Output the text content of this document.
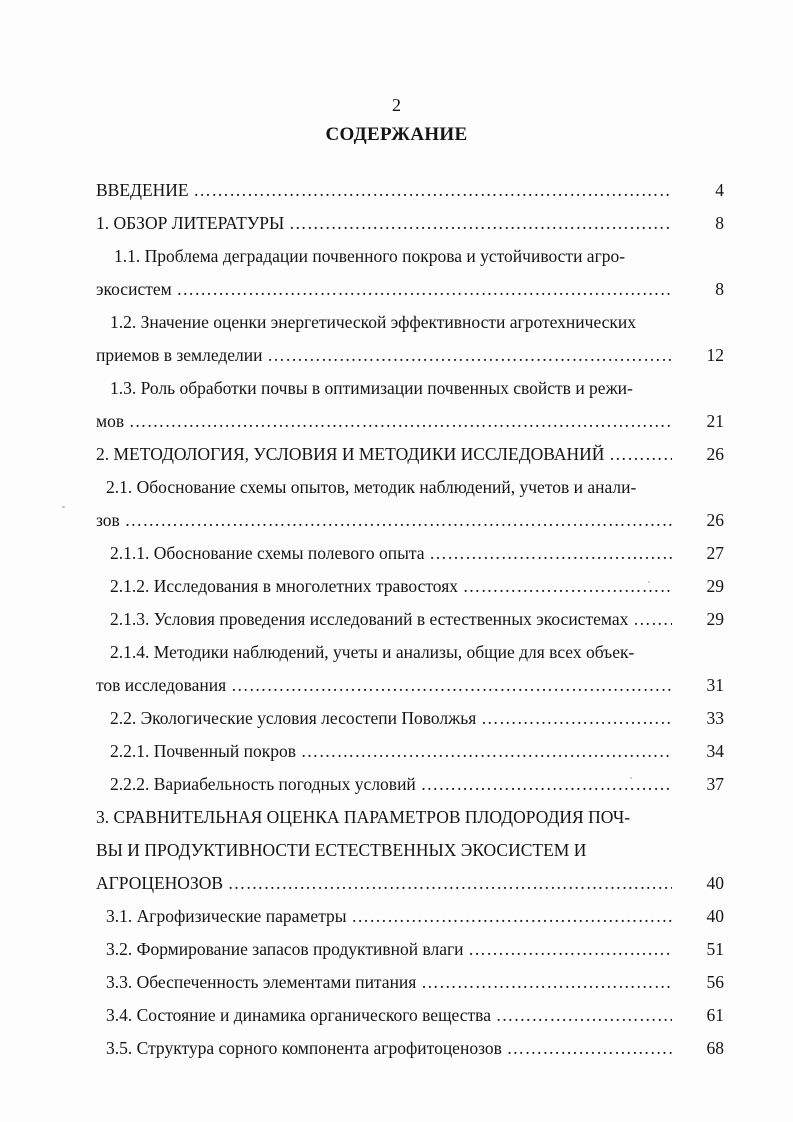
2
СОДЕРЖАНИЕ
ВВЕДЕНИЕ …………………………………………………………………………………………………………………………………………………………………………………………	4
1. ОБЗОР ЛИТЕРАТУРЫ …………………………………………………………………………………………………………………………………………………………………………………………	8
1.1. Проблема деградации почвенного покрова и устойчивости агро-
экосистем …………………………………………………………………………………………………………………………………………………………………………………………	8
1.2. Значение оценки энергетической эффективности агротехнических
приемов в земледелии …………………………………………………………………………………………………………………………………………………………………………………………	12
1.3. Роль обработки почвы в оптимизации почвенных свойств и режи-
мов …………………………………………………………………………………………………………………………………………………………………………………………	21
2. МЕТОДОЛОГИЯ, УСЛОВИЯ И МЕТОДИКИ ИССЛЕДОВАНИЙ …………………………………………………………………………………………………………………………………………………………………………………………	26
2.1. Обоснование схемы опытов, методик наблюдений, учетов и анали-
зов …………………………………………………………………………………………………………………………………………………………………………………………	26
2.1.1. Обоснование схемы полевого опыта …………………………………………………………………………………………………………………………………………………………………………………………	27
2.1.2. Исследования в многолетних травостоях …………………………………………………………………………………………………………………………………………………………………………………………	29
2.1.3. Условия проведения исследований в естественных экосистемах …………………………………………………………………………………………………………………………………………………………………………………………	29
2.1.4. Методики наблюдений, учеты и анализы, общие для всех объек-
тов исследования …………………………………………………………………………………………………………………………………………………………………………………………	31
2.2. Экологические условия лесостепи Поволжья …………………………………………………………………………………………………………………………………………………………………………………………	33
2.2.1. Почвенный покров …………………………………………………………………………………………………………………………………………………………………………………………	34
2.2.2. Вариабельность погодных условий …………………………………………………………………………………………………………………………………………………………………………………………	37
3. СРАВНИТЕЛЬНАЯ ОЦЕНКА ПАРАМЕТРОВ ПЛОДОРОДИЯ ПОЧ-
ВЫ И ПРОДУКТИВНОСТИ ЕСТЕСТВЕННЫХ ЭКОСИСТЕМ И
АГРОЦЕНОЗОВ …………………………………………………………………………………………………………………………………………………………………………………………	40
3.1. Агрофизические параметры …………………………………………………………………………………………………………………………………………………………………………………………	40
3.2. Формирование запасов продуктивной влаги …………………………………………………………………………………………………………………………………………………………………………………………	51
3.3. Обеспеченность элементами питания …………………………………………………………………………………………………………………………………………………………………………………………	56
3.4. Состояние и динамика органического вещества …………………………………………………………………………………………………………………………………………………………………………………………	61
3.5. Структура сорного компонента агрофитоценозов …………………………………………………………………………………………………………………………………………………………………………………………	68
